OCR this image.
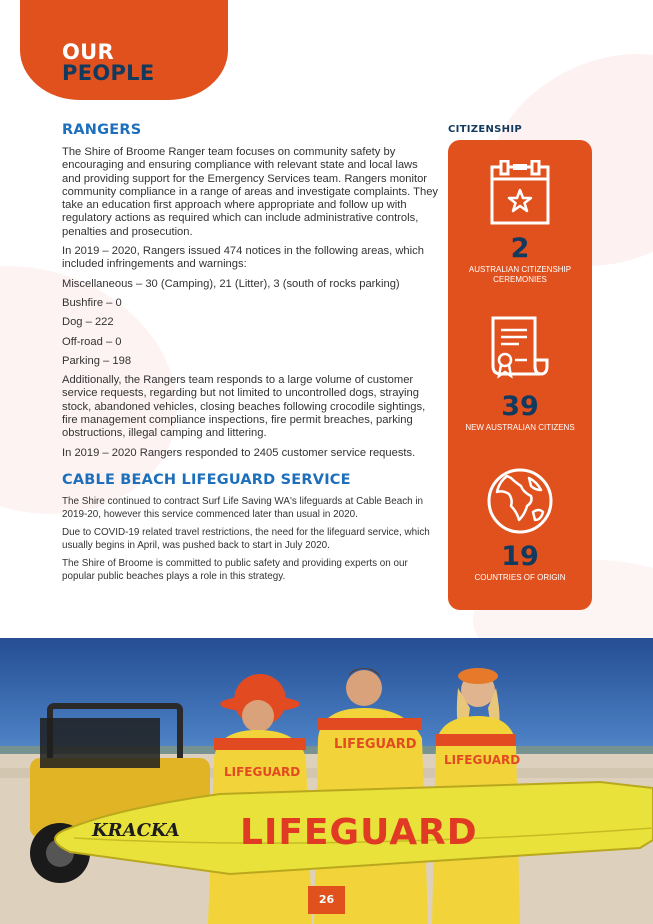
OUR
PEOPLE
RANGERS

The Shire of Broome Ranger team focuses on community safety by encouraging and ensuring compliance with relevant state and local laws and providing support for the Emergency Services team. Rangers monitor community compliance in a range of areas and investigate complaints. They take an education first approach where appropriate and follow up with regulatory actions as required which can include administrative controls, penalties and prosecution.

In 2019 – 2020, Rangers issued 474 notices in the following areas, which included infringements and warnings:

Miscellaneous – 30 (Camping), 21 (Litter), 3 (south of rocks parking)

Bushfire – 0

Dog – 222

Off-road – 0

Parking – 198

Additionally, the Rangers team responds to a large volume of customer service requests, regarding but not limited to uncontrolled dogs, straying stock, abandoned vehicles, closing beaches following crocodile sightings, fire management compliance inspections, fire permit breaches, parking obstructions, illegal camping and littering.

In 2019 – 2020 Rangers responded to 2405 customer service requests.

CABLE BEACH LIFEGUARD SERVICE

The Shire continued to contract Surf Life Saving WA's lifeguards at Cable Beach in 2019-20, however this service commenced later than usual in 2020.

Due to COVID-19 related travel restrictions, the need for the lifeguard service, which usually begins in April, was pushed back to start in July 2020.

The Shire of Broome is committed to public safety and providing experts on our popular public beaches plays a role in this strategy.

CITIZENSHIP
2
AUSTRALIAN CITIZENSHIP CEREMONIES
39
NEW AUSTRALIAN CITIZENS
19
COUNTRIES OF ORIGIN
KRACKA LIFEGUARD
LIFEGUARD
LIFEGUARD
LIFEGUARD
26
